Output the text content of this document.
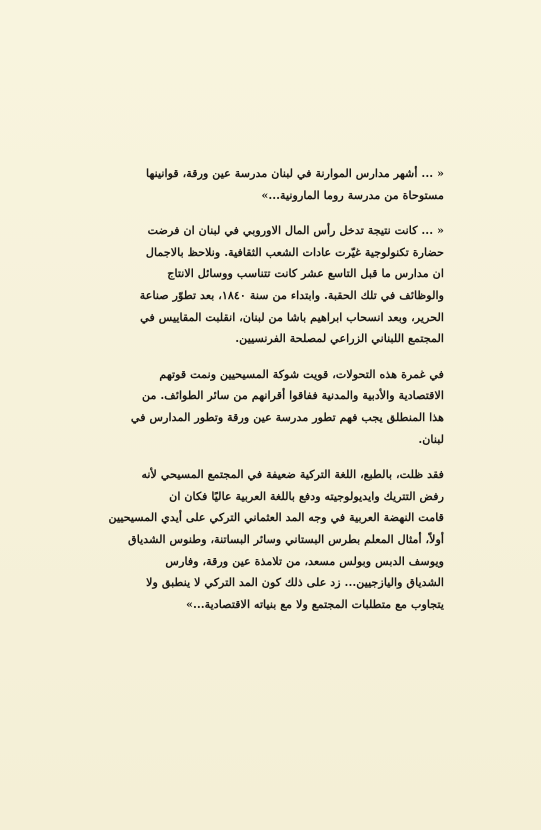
« ... أشهر مدارس الموارنة في لبنان مدرسة عين ورقة، قوانينها
مستوحاة من مدرسة روما المارونية...»

« ... كانت نتيجة تدخل رأس المال الاوروبي في لبنان ان فرضت
حضارة تكنولوجية غيّرت عادات الشعب الثقافية. ونلاحظ بالاجمال
ان مدارس ما قبل التاسع عشر كانت تتناسب ووسائل الانتاج
والوظائف في تلك الحقبة. وابتداء من سنة ١٨٤٠، بعد تطوّر صناعة
الحرير، وبعد انسحاب ابراهيم باشا من لبنان، انقلبت المقاييس في
المجتمع اللبناني الزراعي لمصلحة الفرنسيين.

في غمرة هذه التحولات، قويت شوكة المسيحيين ونمت قوتهم
الاقتصادية والأدبية والمدنية ففاقوا أقرانهم من سائر الطوائف. من
هذا المنطلق يجب فهم تطور مدرسة عين ورقة وتطور المدارس في
لبنان.

فقد ظلت، بالطبع، اللغة التركية ضعيفة في المجتمع المسيحي لأنه
رفض التتريك وايديولوجيته ودفع باللغة العربية عاليًا فكان ان
قامت النهضة العربية في وجه المد العثماني التركي على أيدي المسيحيين
أولاً، أمثال المعلم بطرس البستاني وسائر البساتنة، وطنوس الشدياق
ويوسف الدبس وبولس مسعد، من تلامذة عين ورقة، وفارس
الشدياق واليازجيين... زد على ذلك كون المد التركي لا ينطبق ولا
يتجاوب مع متطلبات المجتمع ولا مع بنياته الاقتصادية...»
